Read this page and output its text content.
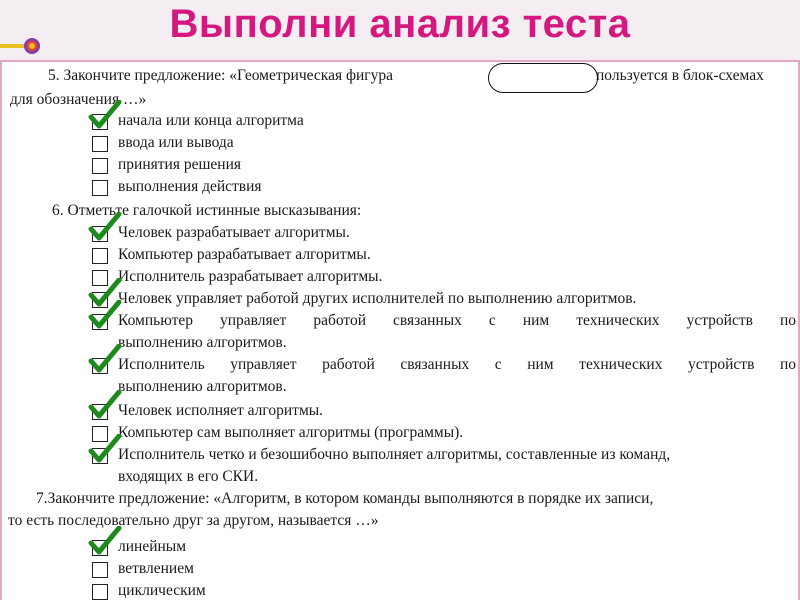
Выполни анализ теста
5. Закончите предложение: «Геометрическая фигура	пользуется в блок-схемах
для обозначения …»
начала или конца алгоритма
ввода или вывода
принятия решения
выполнения действия
6. Отметьте галочкой истинные высказывания:
Человек разрабатывает алгоритмы.
Компьютер разрабатывает алгоритмы.
Исполнитель разрабатывает алгоритмы.
Человек управляет работой других исполнителей по выполнению алгоритмов.
Компьютер управляет работой связанных с ним технических устройств по
выполнению алгоритмов.
Исполнитель управляет работой связанных с ним технических устройств по
выполнению алгоритмов.
Человек исполняет алгоритмы.
Компьютер сам выполняет алгоритмы (программы).
Исполнитель четко и безошибочно выполняет алгоритмы, составленные из команд,
входящих в его СКИ.
7.Закончите предложение: «Алгоритм, в котором команды выполняются в порядке их записи,
то есть последовательно друг за другом, называется …»
линейным
ветвлением
циклическим
